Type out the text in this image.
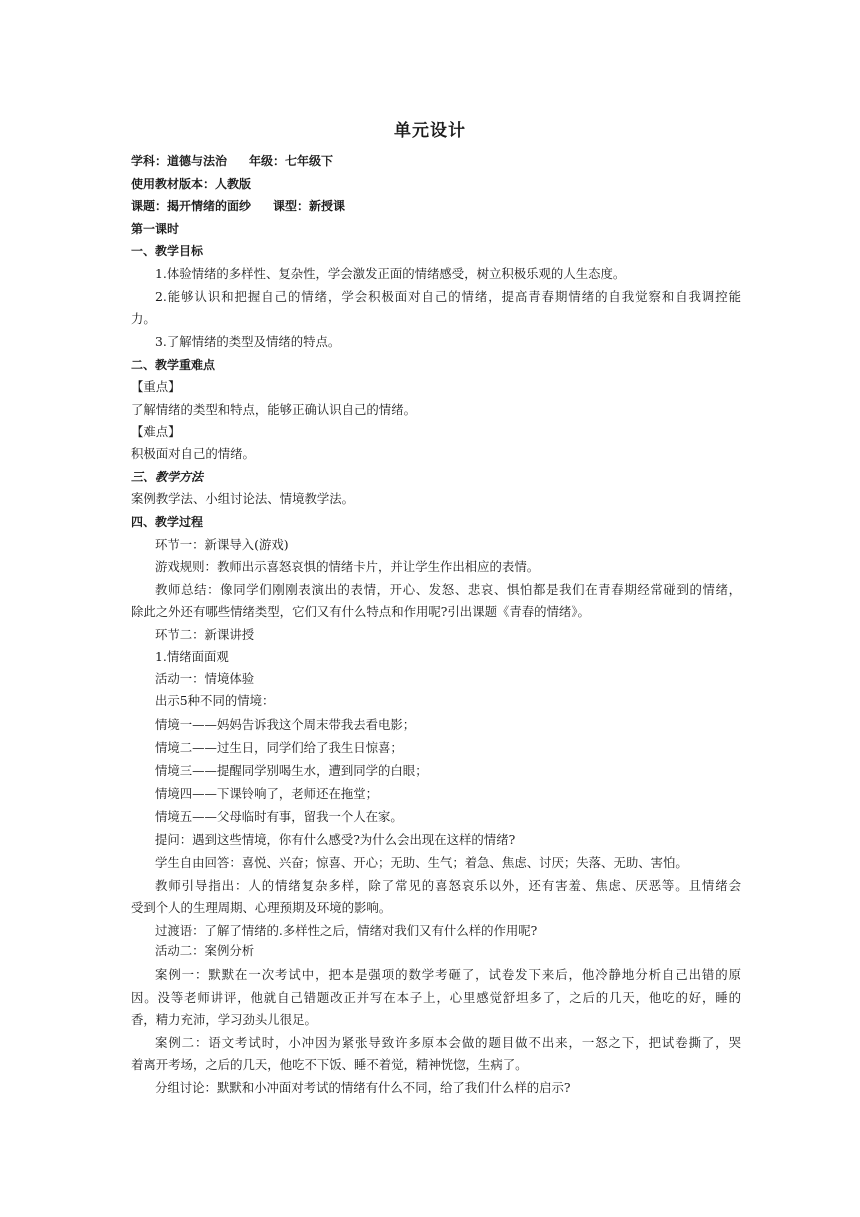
单元设计
学科：道德与法治 年级：七年级下
使用教材版本：人教版
课题：揭开情绪的面纱 课型：新授课
第一课时
一、教学目标
1.体验情绪的多样性、复杂性，学会激发正面的情绪感受，树立积极乐观的人生态度。
2.能够认识和把握自己的情绪，学会积极面对自己的情绪，提高青春期情绪的自我觉察和自我调控能
力。
3.了解情绪的类型及情绪的特点。
二、教学重难点
【重点】
了解情绪的类型和特点，能够正确认识自己的情绪。
【难点】
积极面对自己的情绪。
三、教学方法
案例教学法、小组讨论法、情境教学法。
四、教学过程
环节一：新课导入(游戏)
游戏规则：教师出示喜怒哀惧的情绪卡片，并让学生作出相应的表情。
教师总结：像同学们刚刚表演出的表情，开心、发怒、悲哀、惧怕都是我们在青春期经常碰到的情绪，
除此之外还有哪些情绪类型，它们又有什么特点和作用呢?引出课题《青春的情绪》。
环节二：新课讲授
1.情绪面面观
活动一：情境体验
出示5种不同的情境：
情境一——妈妈告诉我这个周末带我去看电影；
情境二——过生日，同学们给了我生日惊喜；
情境三——提醒同学别喝生水，遭到同学的白眼；
情境四——下课铃响了，老师还在拖堂；
情境五——父母临时有事，留我一个人在家。
提问：遇到这些情境，你有什么感受?为什么会出现在这样的情绪?
学生自由回答：喜悦、兴奋；惊喜、开心；无助、生气；着急、焦虑、讨厌；失落、无助、害怕。
教师引导指出：人的情绪复杂多样，除了常见的喜怒哀乐以外，还有害羞、焦虑、厌恶等。且情绪会
受到个人的生理周期、心理预期及环境的影响。
过渡语：了解了情绪的.多样性之后，情绪对我们又有什么样的作用呢?
活动二：案例分析
案例一：默默在一次考试中，把本是强项的数学考砸了，试卷发下来后，他冷静地分析自己出错的原
因。没等老师讲评，他就自己错题改正并写在本子上，心里感觉舒坦多了，之后的几天，他吃的好，睡的
香，精力充沛，学习劲头儿很足。
案例二：语文考试时，小冲因为紧张导致许多原本会做的题目做不出来，一怒之下，把试卷撕了，哭
着离开考场，之后的几天，他吃不下饭、睡不着觉，精神恍惚，生病了。
分组讨论：默默和小冲面对考试的情绪有什么不同，给了我们什么样的启示?
